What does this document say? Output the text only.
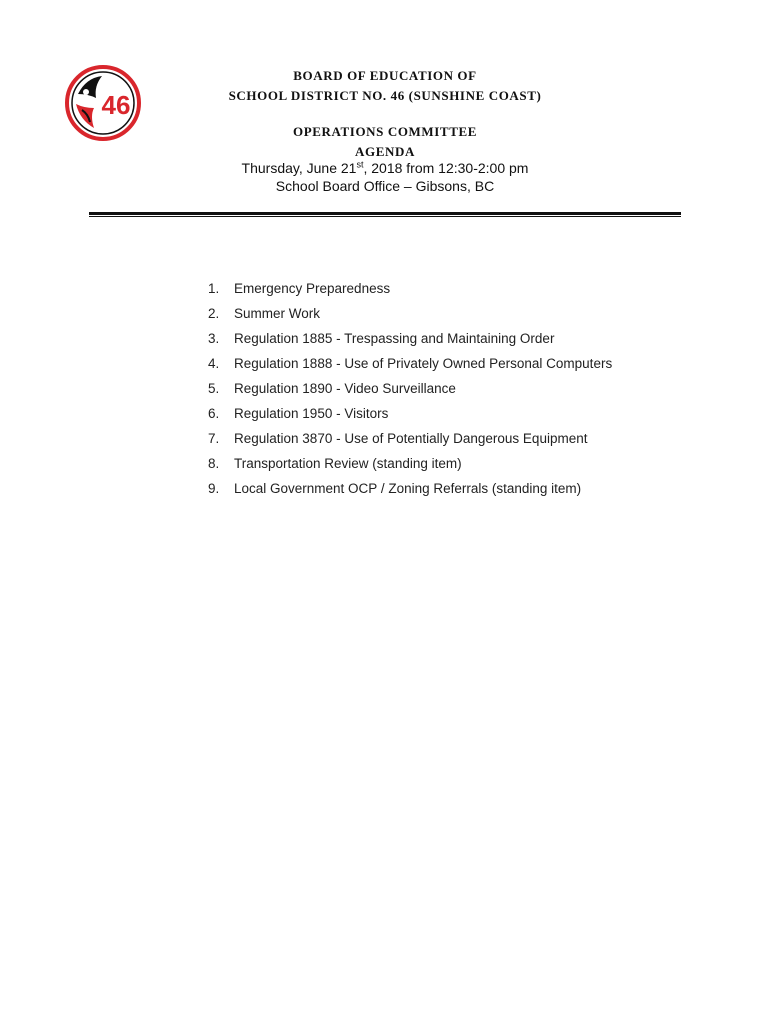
46
BOARD OF EDUCATION OF
SCHOOL DISTRICT NO. 46 (SUNSHINE COAST)
OPERATIONS COMMITTEE
AGENDA
Thursday, June 21st, 2018 from 12:30-2:00 pm
School Board Office – Gibsons, BC
1. Emergency Preparedness
2. Summer Work
3. Regulation 1885 - Trespassing and Maintaining Order
4. Regulation 1888 - Use of Privately Owned Personal Computers
5. Regulation 1890 - Video Surveillance
6. Regulation 1950 - Visitors
7. Regulation 3870 - Use of Potentially Dangerous Equipment
8. Transportation Review (standing item)
9. Local Government OCP / Zoning Referrals (standing item)
